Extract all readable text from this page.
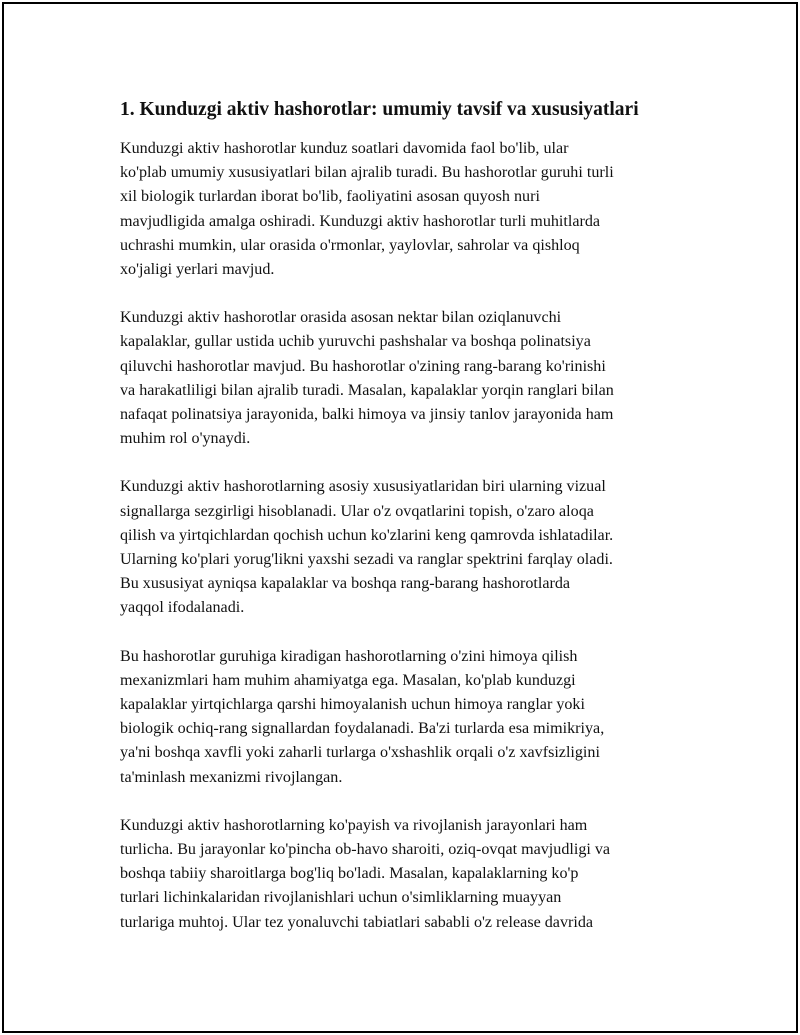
1. Kunduzgi aktiv hashorotlar: umumiy tavsif va xususiyatlari

Kunduzgi aktiv hashorotlar kunduz soatlari davomida faol bo'lib, ular
ko'plab umumiy xususiyatlari bilan ajralib turadi. Bu hashorotlar guruhi turli
xil biologik turlardan iborat bo'lib, faoliyatini asosan quyosh nuri
mavjudligida amalga oshiradi. Kunduzgi aktiv hashorotlar turli muhitlarda
uchrashi mumkin, ular orasida o'rmonlar, yaylovlar, sahrolar va qishloq
xo'jaligi yerlari mavjud.

Kunduzgi aktiv hashorotlar orasida asosan nektar bilan oziqlanuvchi
kapalaklar, gullar ustida uchib yuruvchi pashshalar va boshqa polinatsiya
qiluvchi hashorotlar mavjud. Bu hashorotlar o'zining rang-barang ko'rinishi
va harakatliligi bilan ajralib turadi. Masalan, kapalaklar yorqin ranglari bilan
nafaqat polinatsiya jarayonida, balki himoya va jinsiy tanlov jarayonida ham
muhim rol o'ynaydi.

Kunduzgi aktiv hashorotlarning asosiy xususiyatlaridan biri ularning vizual
signallarga sezgirligi hisoblanadi. Ular o'z ovqatlarini topish, o'zaro aloqa
qilish va yirtqichlardan qochish uchun ko'zlarini keng qamrovda ishlatadilar.
Ularning ko'plari yorug'likni yaxshi sezadi va ranglar spektrini farqlay oladi.
Bu xususiyat ayniqsa kapalaklar va boshqa rang-barang hashorotlarda
yaqqol ifodalanadi.

Bu hashorotlar guruhiga kiradigan hashorotlarning o'zini himoya qilish
mexanizmlari ham muhim ahamiyatga ega. Masalan, ko'plab kunduzgi
kapalaklar yirtqichlarga qarshi himoyalanish uchun himoya ranglar yoki
biologik ochiq-rang signallardan foydalanadi. Ba'zi turlarda esa mimikriya,
ya'ni boshqa xavfli yoki zaharli turlarga o'xshashlik orqali o'z xavfsizligini
ta'minlash mexanizmi rivojlangan.

Kunduzgi aktiv hashorotlarning ko'payish va rivojlanish jarayonlari ham
turlicha. Bu jarayonlar ko'pincha ob-havo sharoiti, oziq-ovqat mavjudligi va
boshqa tabiiy sharoitlarga bog'liq bo'ladi. Masalan, kapalaklarning ko'p
turlari lichinkalaridan rivojlanishlari uchun o'simliklarning muayyan
turlariga muhtoj. Ular tez yonaluvchi tabiatlari sababli o'z release davrida
